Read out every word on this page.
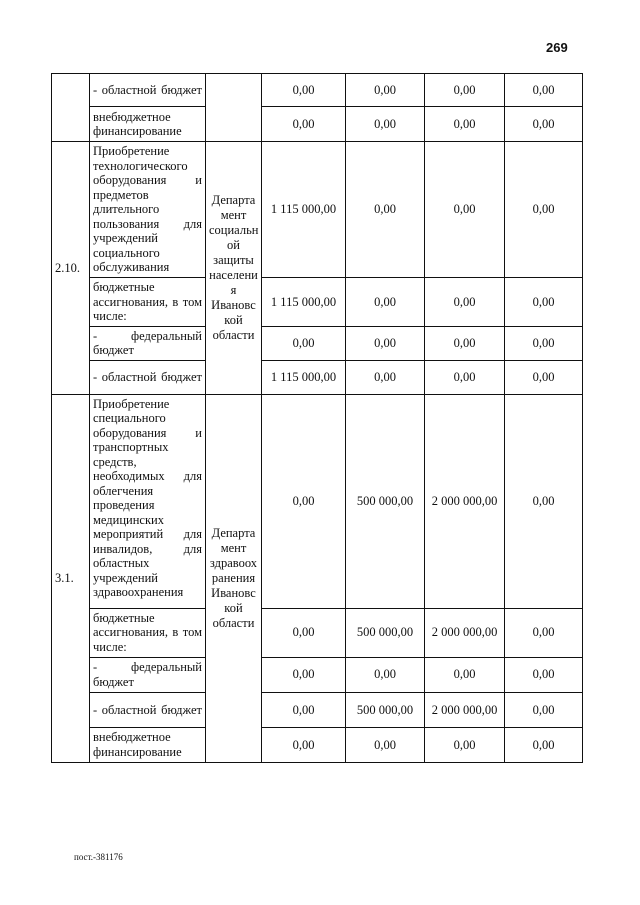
269
	- областной бюджет		0,00	0,00	0,00	0,00
	внебюджетное финансирование		0,00	0,00	0,00	0,00
2.10.	Приобретение технологического оборудования и предметов длительного пользования для учреждений социального обслуживания	Департа мент социальн ой защиты населени я Ивановс кой области	1 115 000,00	0,00	0,00	0,00
	бюджетные ассигнования, в том числе:		1 115 000,00	0,00	0,00	0,00
	- федеральный бюджет		0,00	0,00	0,00	0,00
	- областной бюджет		1 115 000,00	0,00	0,00	0,00
3.1.	Приобретение специального оборудования и транспортных средств, необходимых для облегчения проведения медицинских мероприятий для инвалидов, для областных учреждений здравоохранения	Департа мент здравоох ранения Ивановс кой области	0,00	500 000,00	2 000 000,00	0,00
	бюджетные ассигнования, в том числе:		0,00	500 000,00	2 000 000,00	0,00
	- федеральный бюджет		0,00	0,00	0,00	0,00
	- областной бюджет		0,00	500 000,00	2 000 000,00	0,00
	внебюджетное финансирование		0,00	0,00	0,00	0,00
пост.-381176
